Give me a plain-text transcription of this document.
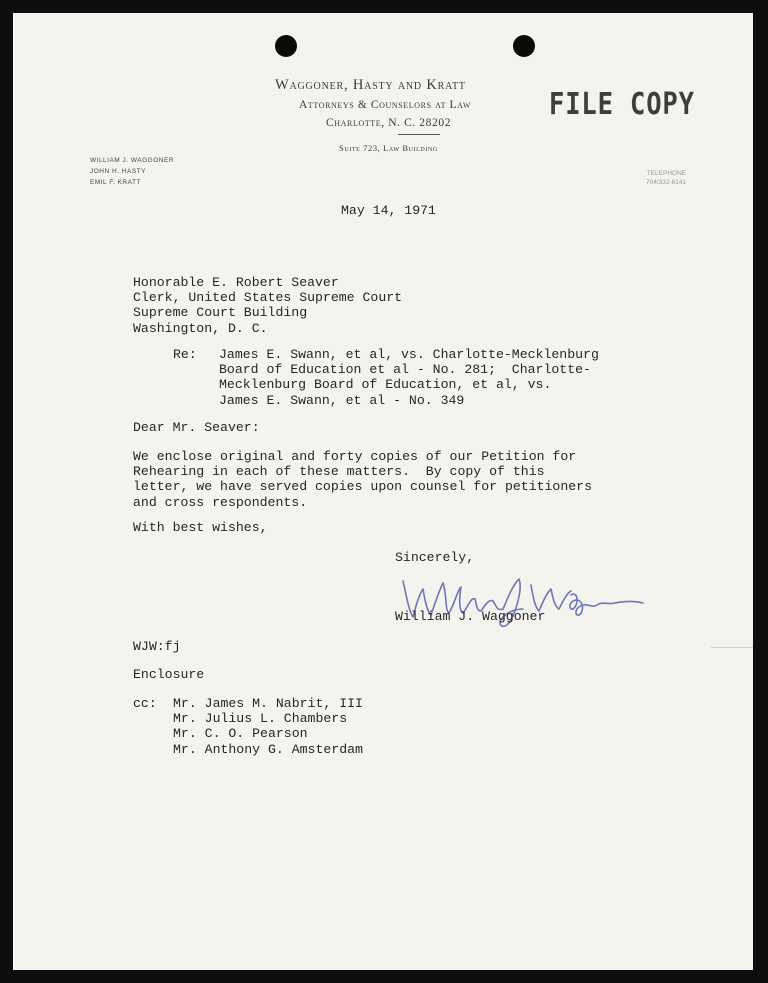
Waggoner, Hasty and Kratt
Attorneys & Counselors at Law
Charlotte, N. C. 28202
Suite 723, Law Building
WILLIAM J. WAGGONER
JOHN H. HASTY
EMIL F. KRATT
TELEPHONE
704/332-6141
FILE COPY
May 14, 1971
Honorable E. Robert Seaver
Clerk, United States Supreme Court
Supreme Court Building
Washington, D. C.
Re: James E. Swann, et al, vs. Charlotte-Mecklenburg
Board of Education et al - No. 281;  Charlotte-
Mecklenburg Board of Education, et al, vs.
James E. Swann, et al - No. 349
Dear Mr. Seaver:
We enclose original and forty copies of our Petition for
Rehearing in each of these matters.  By copy of this
letter, we have served copies upon counsel for petitioners
and cross respondents.
With best wishes,
Sincerely,
William J. Waggoner
WJW:fj
Enclosure
cc: Mr. James M. Nabrit, III
Mr. Julius L. Chambers
Mr. C. O. Pearson
Mr. Anthony G. Amsterdam
